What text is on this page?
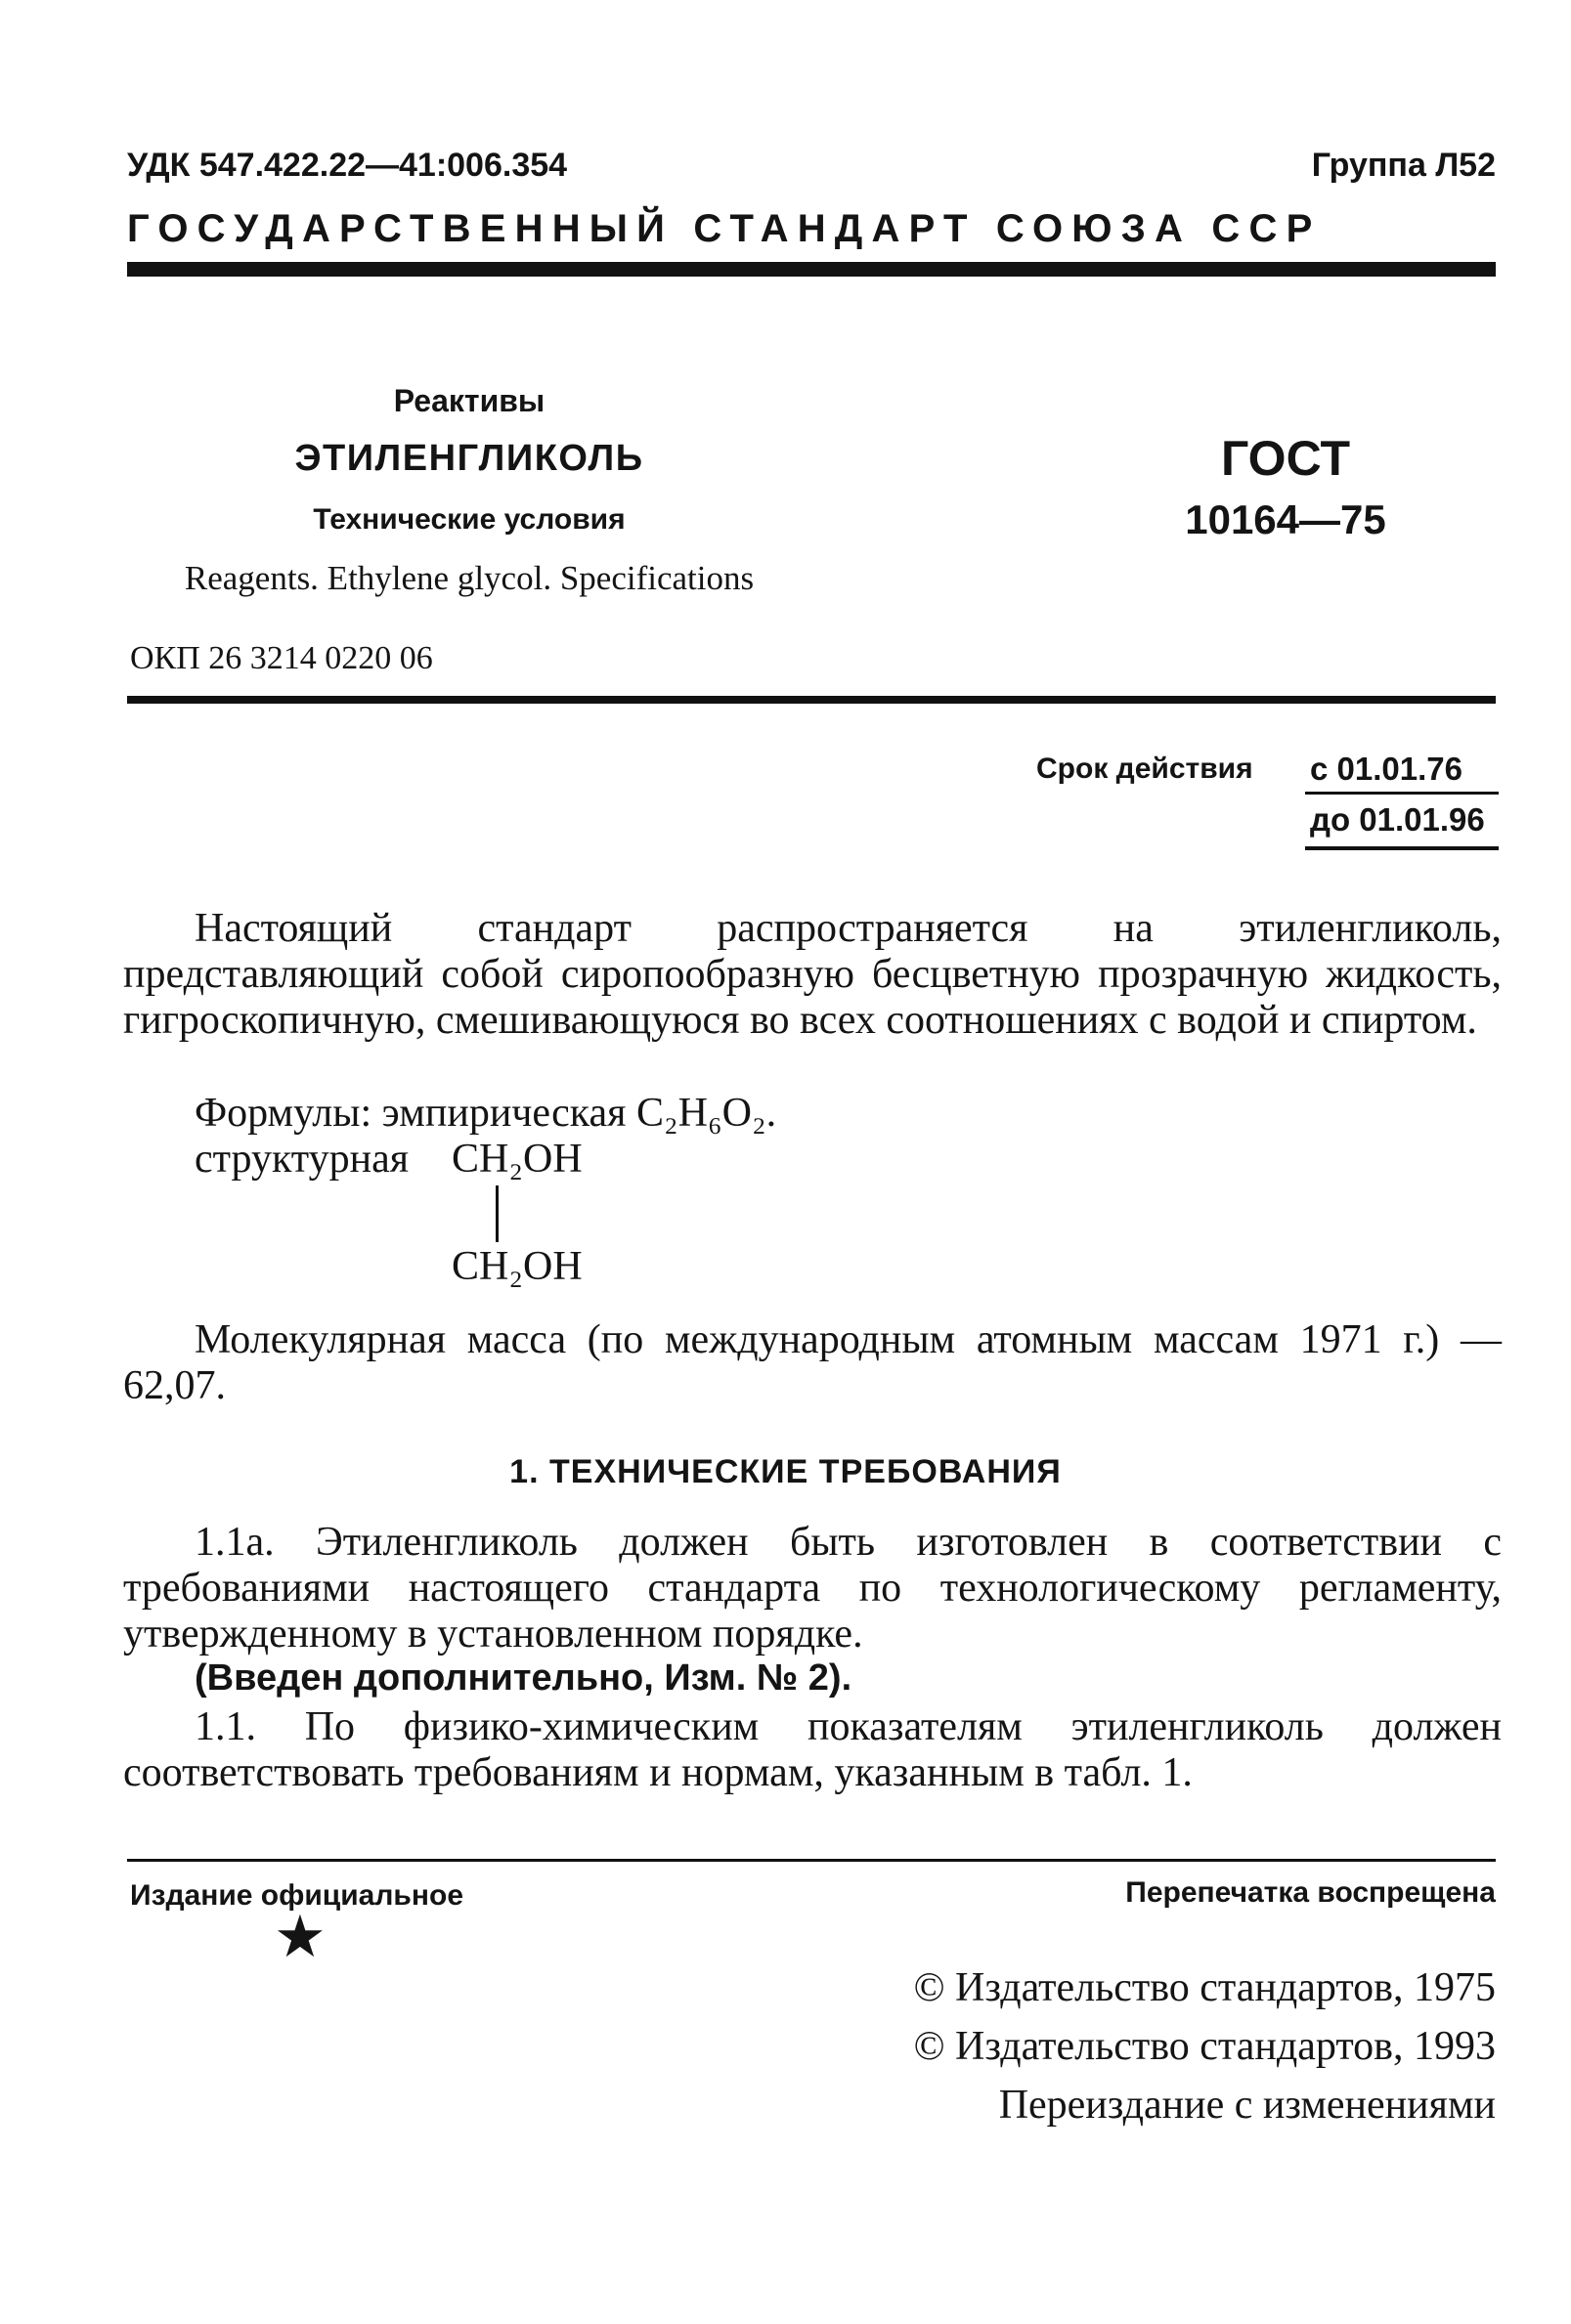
УДК 547.422.22—41:006.354	Группа Л52
ГОСУДАРСТВЕННЫЙ СТАНДАРТ СОЮЗА ССР
Реактивы
ЭТИЛЕНГЛИКОЛЬ
Технические условия
Reagents. Ethylene glycol. Specifications
ГОСТ
10164—75
ОКП 26 3214 0220 06
Срок действия с 01.01.76
до 01.01.96
Настоящий стандарт распространяется на этиленгликоль, представляющий собой сиропообразную бесцветную прозрачную жидкость, гигроскопичную, смешивающуюся во всех соотношениях с водой и спиртом.
Формулы: эмпирическая C₂H₆O₂.
структурная CH₂OH
CH₂OH
Молекулярная масса (по международным атомным массам 1971 г.) — 62,07.
1. ТЕХНИЧЕСКИЕ ТРЕБОВАНИЯ
1.1а. Этиленгликоль должен быть изготовлен в соответствии с требованиями настоящего стандарта по технологическому регламенту, утвержденному в установленном порядке.
(Введен дополнительно, Изм. № 2).
1.1. По физико-химическим показателям этиленгликоль должен соответствовать требованиям и нормам, указанным в табл. 1.
Издание официальное	Перепечатка воспрещена
★
© Издательство стандартов, 1975
© Издательство стандартов, 1993
Переиздание с изменениями
